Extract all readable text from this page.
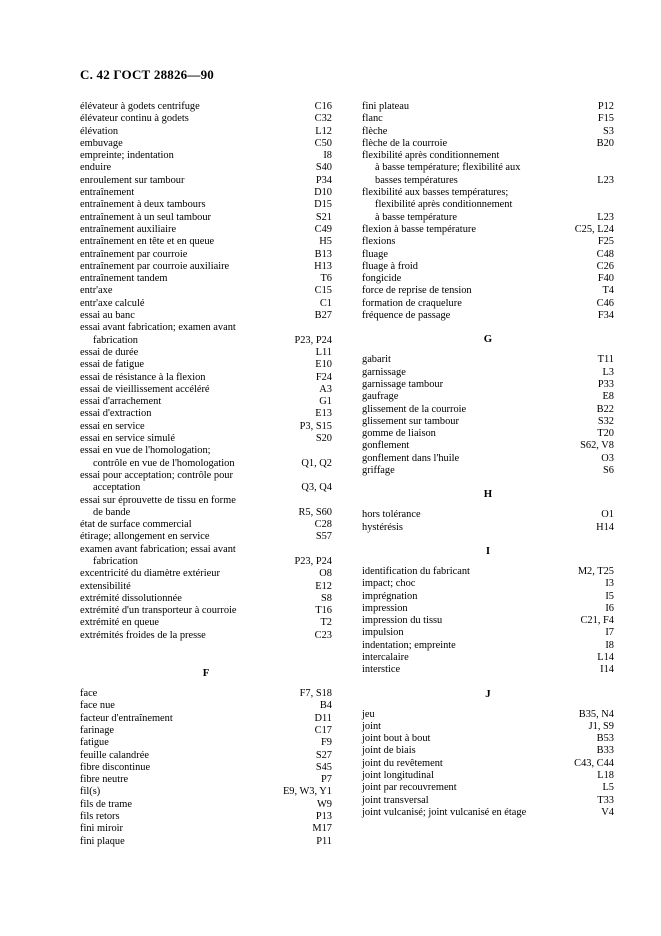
С. 42 ГОСТ 28826—90
élévateur à godets centrifuge	C16
élévateur continu à godets	C32
élévation	L12
embuvage	C50
empreinte; indentation	I8
enduire	S40
enroulement sur tambour	P34
entraînement	D10
entraînement à deux tambours	D15
entraînement à un seul tambour	S21
entraînement auxiliaire	C49
entraînement en tête et en queue	H5
entraînement par courroie	B13
entraînement par courroie auxiliaire	H13
entraînement tandem	T6
entr'axe	C15
entr'axe calculé	C1
essai au banc	B27
essai avant fabrication; examen avant
fabrication	P23, P24
essai de durée	L11
essai de fatigue	E10
essai de résistance à la flexion	F24
essai de vieillissement accéléré	A3
essai d'arrachement	G1
essai d'extraction	E13
essai en service	P3, S15
essai en service simulé	S20
essai en vue de l'homologation;
contrôle en vue de l'homologation	Q1, Q2
essai pour acceptation; contrôle pour
acceptation	Q3, Q4
essai sur éprouvette de tissu en forme
de bande	R5, S60
état de surface commercial	C28
étirage; allongement en service	S57
examen avant fabrication; essai avant
fabrication	P23, P24
excentricité du diamètre extérieur	O8
extensibilité	E12
extrémité dissolutionnée	S8
extrémité d'un transporteur à courroie	T16
extrémité en queue	T2
extrémités froides de la presse	C23
F
face	F7, S18
face nue	B4
facteur d'entraînement	D11
farinage	C17
fatigue	F9
feuille calandrée	S27
fibre discontinue	S45
fibre neutre	P7
fil(s)	E9, W3, Y1
fils de trame	W9
fils retors	P13
fini miroir	M17
fini plaque	P11
fini plateau	P12
flanc	F15
flèche	S3
flèche de la courroie	B20
flexibilité après conditionnement
à basse température; flexibilité aux
basses températures	L23
flexibilité aux basses températures;
flexibilité après conditionnement
à basse température	L23
flexion à basse température	C25, L24
flexions	F25
fluage	C48
fluage à froid	C26
fongicide	F40
force de reprise de tension	T4
formation de craquelure	C46
fréquence de passage	F34
G
gabarit	T11
garnissage	L3
garnissage tambour	P33
gaufrage	E8
glissement de la courroie	B22
glissement sur tambour	S32
gomme de liaison	T20
gonflement	S62, V8
gonflement dans l'huile	O3
griffage	S6
H
hors tolérance	O1
hystérésis	H14
I
identification du fabricant	M2, T25
impact; choc	I3
imprégnation	I5
impression	I6
impression du tissu	C21, F4
impulsion	I7
indentation; empreinte	I8
intercalaire	L14
interstice	I14
J
jeu	B35, N4
joint	J1, S9
joint bout à bout	B53
joint de biais	B33
joint du revêtement	C43, C44
joint longitudinal	L18
joint par recouvrement	L5
joint transversal	T33
joint vulcanisé; joint vulcanisé en étage	V4
